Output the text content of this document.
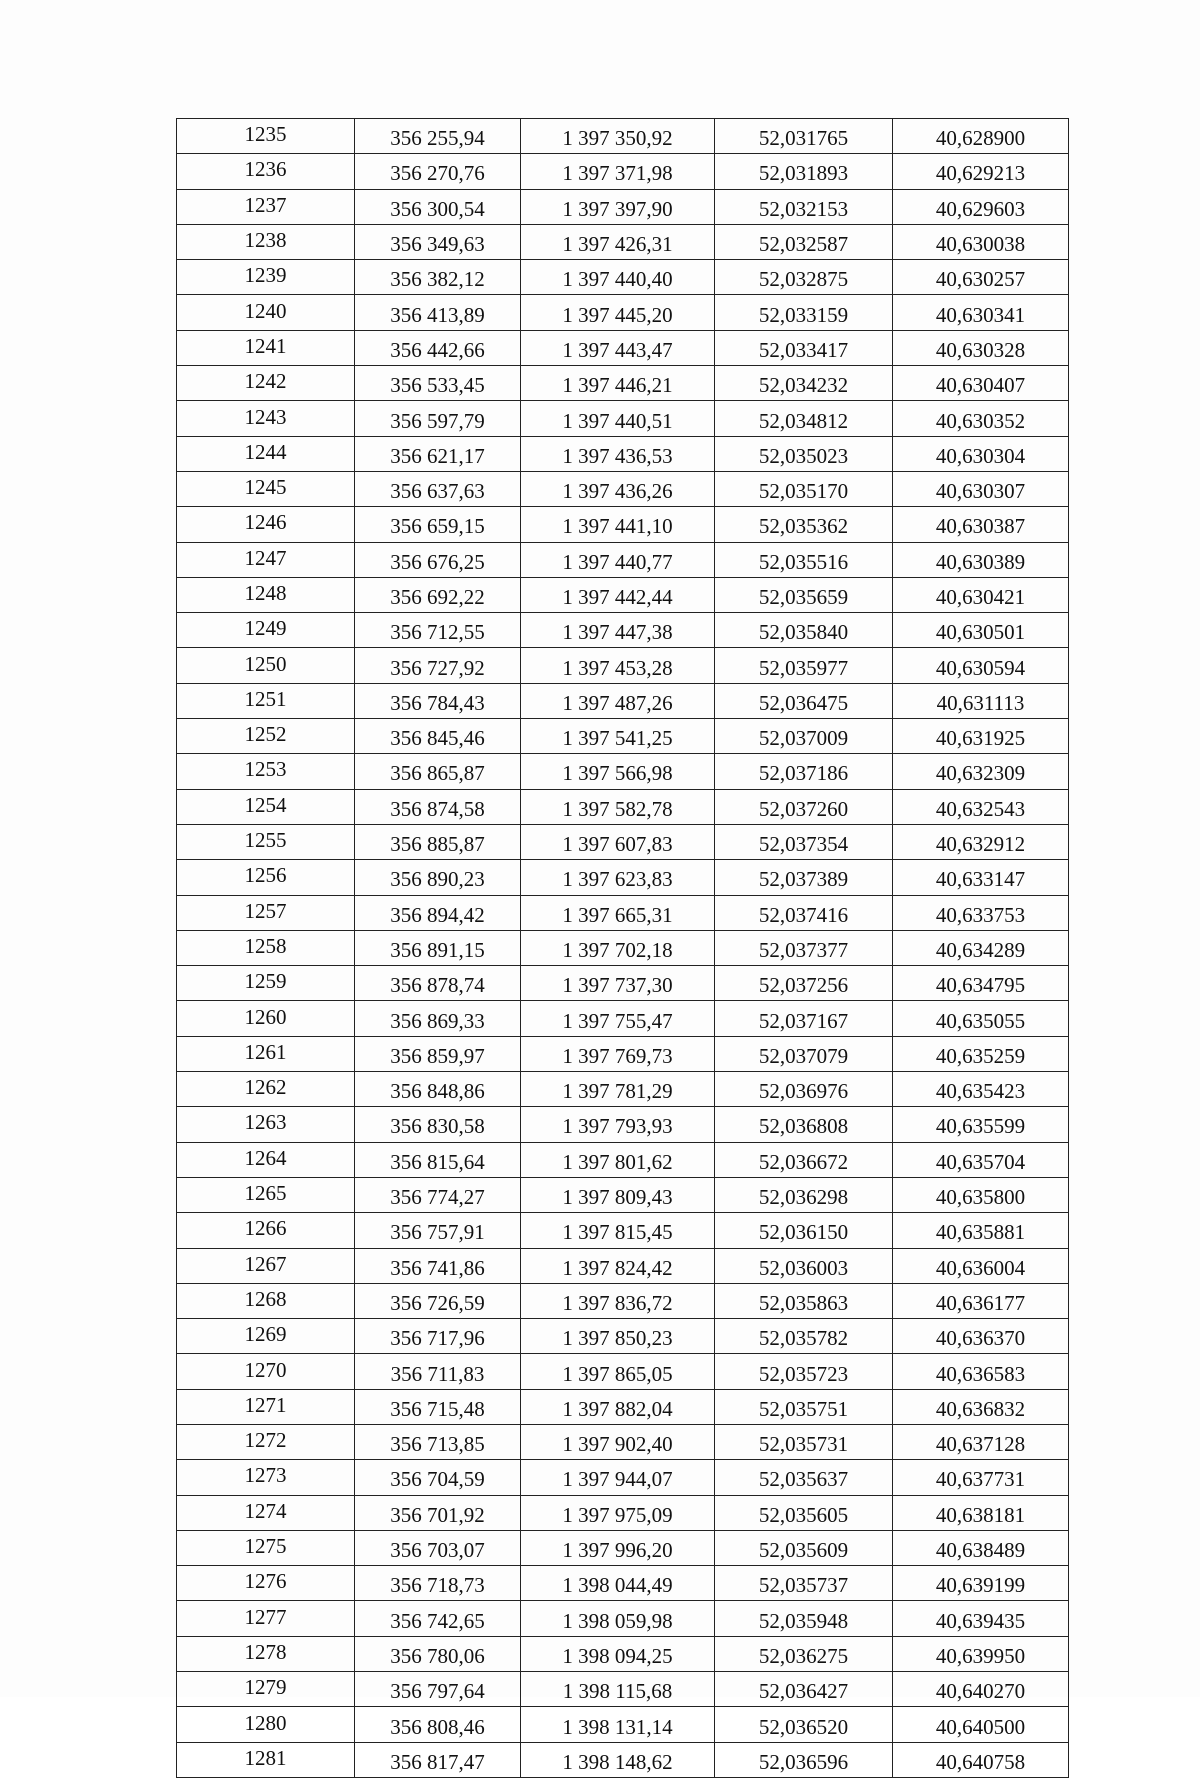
1235	356 255,94	1 397 350,92	52,031765	40,628900
1236	356 270,76	1 397 371,98	52,031893	40,629213
1237	356 300,54	1 397 397,90	52,032153	40,629603
1238	356 349,63	1 397 426,31	52,032587	40,630038
1239	356 382,12	1 397 440,40	52,032875	40,630257
1240	356 413,89	1 397 445,20	52,033159	40,630341
1241	356 442,66	1 397 443,47	52,033417	40,630328
1242	356 533,45	1 397 446,21	52,034232	40,630407
1243	356 597,79	1 397 440,51	52,034812	40,630352
1244	356 621,17	1 397 436,53	52,035023	40,630304
1245	356 637,63	1 397 436,26	52,035170	40,630307
1246	356 659,15	1 397 441,10	52,035362	40,630387
1247	356 676,25	1 397 440,77	52,035516	40,630389
1248	356 692,22	1 397 442,44	52,035659	40,630421
1249	356 712,55	1 397 447,38	52,035840	40,630501
1250	356 727,92	1 397 453,28	52,035977	40,630594
1251	356 784,43	1 397 487,26	52,036475	40,631113
1252	356 845,46	1 397 541,25	52,037009	40,631925
1253	356 865,87	1 397 566,98	52,037186	40,632309
1254	356 874,58	1 397 582,78	52,037260	40,632543
1255	356 885,87	1 397 607,83	52,037354	40,632912
1256	356 890,23	1 397 623,83	52,037389	40,633147
1257	356 894,42	1 397 665,31	52,037416	40,633753
1258	356 891,15	1 397 702,18	52,037377	40,634289
1259	356 878,74	1 397 737,30	52,037256	40,634795
1260	356 869,33	1 397 755,47	52,037167	40,635055
1261	356 859,97	1 397 769,73	52,037079	40,635259
1262	356 848,86	1 397 781,29	52,036976	40,635423
1263	356 830,58	1 397 793,93	52,036808	40,635599
1264	356 815,64	1 397 801,62	52,036672	40,635704
1265	356 774,27	1 397 809,43	52,036298	40,635800
1266	356 757,91	1 397 815,45	52,036150	40,635881
1267	356 741,86	1 397 824,42	52,036003	40,636004
1268	356 726,59	1 397 836,72	52,035863	40,636177
1269	356 717,96	1 397 850,23	52,035782	40,636370
1270	356 711,83	1 397 865,05	52,035723	40,636583
1271	356 715,48	1 397 882,04	52,035751	40,636832
1272	356 713,85	1 397 902,40	52,035731	40,637128
1273	356 704,59	1 397 944,07	52,035637	40,637731
1274	356 701,92	1 397 975,09	52,035605	40,638181
1275	356 703,07	1 397 996,20	52,035609	40,638489
1276	356 718,73	1 398 044,49	52,035737	40,639199
1277	356 742,65	1 398 059,98	52,035948	40,639435
1278	356 780,06	1 398 094,25	52,036275	40,639950
1279	356 797,64	1 398 115,68	52,036427	40,640270
1280	356 808,46	1 398 131,14	52,036520	40,640500
1281	356 817,47	1 398 148,62	52,036596	40,640758
